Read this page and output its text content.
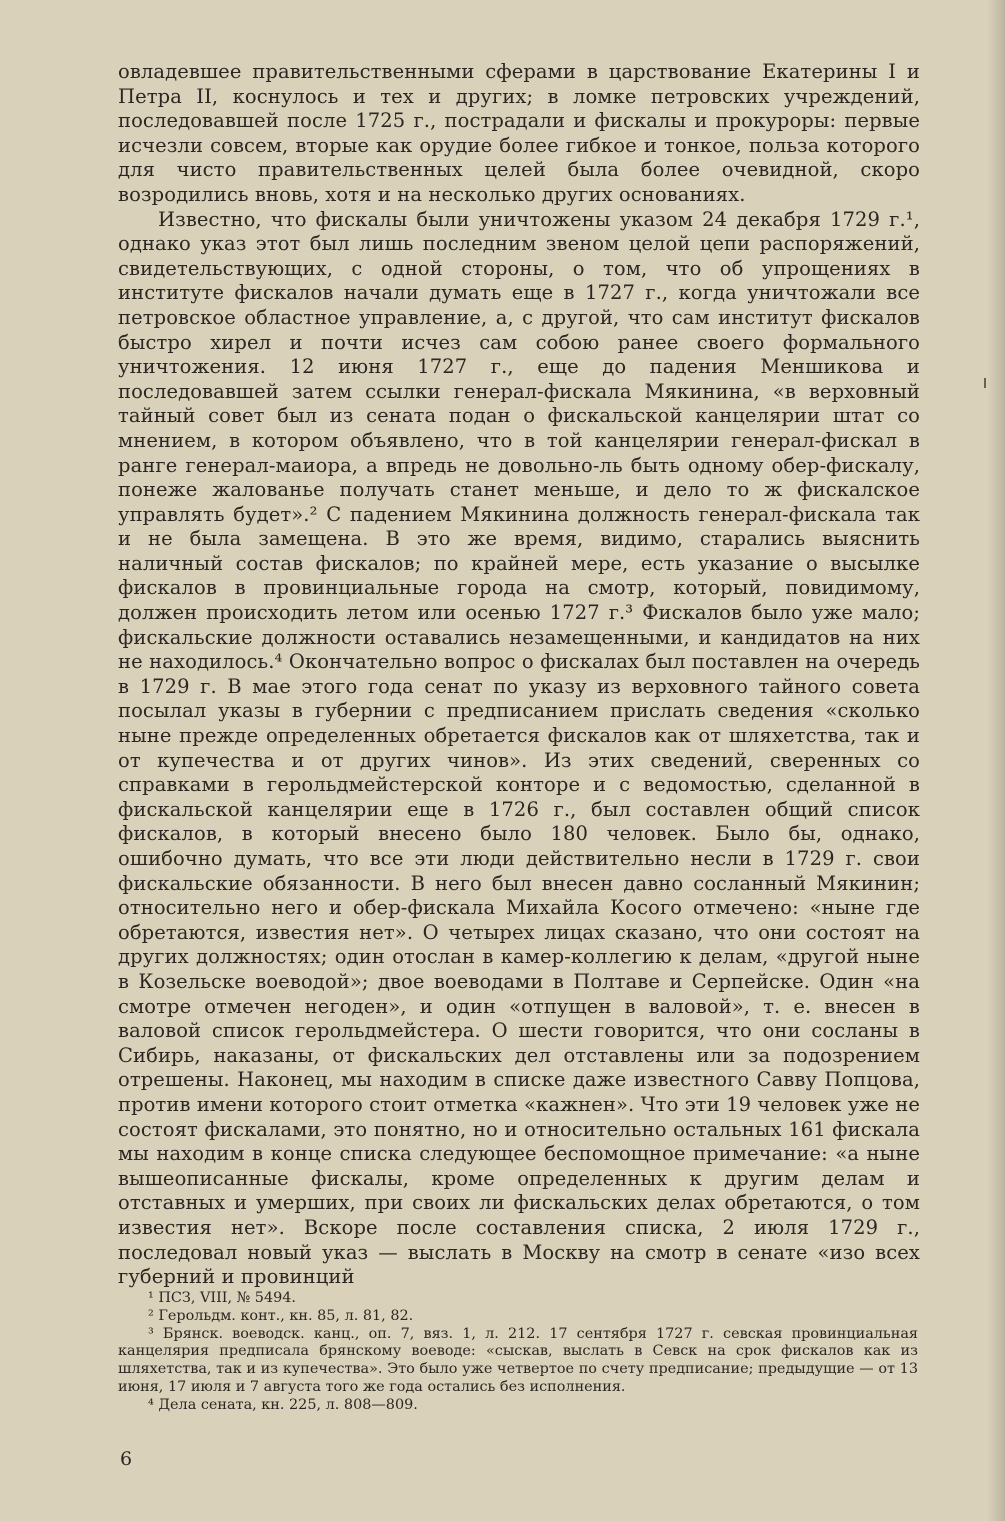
овладевшее правительственными сферами в царствование Екатерины I и Петра II, коснулось и тех и других; в ломке петровских учреждений, последовавшей после 1725 г., пострадали и фискалы и прокуроры: первые исчезли совсем, вторые как орудие более гибкое и тонкое, польза которого для чисто правительственных целей была более очевидной, скоро возродились вновь, хотя и на несколько других основаниях.

Известно, что фискалы были уничтожены указом 24 декабря 1729 г.¹, однако указ этот был лишь последним звеном целой цепи распоряжений, свидетельствующих, с одной стороны, о том, что об упрощениях в институте фискалов начали думать еще в 1727 г., когда уничтожали все петровское областное управление, а, с другой, что сам институт фискалов быстро хирел и почти исчез сам собою ранее своего формального уничтожения. 12 июня 1727 г., еще до падения Меншикова и последовавшей затем ссылки генерал-фискала Мякинина, «в верховный тайный совет был из сената подан о фискальской канцелярии штат со мнением, в котором объявлено, что в той канцелярии генерал-фискал в ранге генерал-маиора, а впредь не довольно-ль быть одному обер-фискалу, понеже жалованье получать станет меньше, и дело то ж фискалское управлять будет».² С падением Мякинина должность генерал-фискала так и не была замещена. В это же время, видимо, старались выяснить наличный состав фискалов; по крайней мере, есть указание о высылке фискалов в провинциальные города на смотр, который, повидимому, должен происходить летом или осенью 1727 г.³ Фискалов было уже мало; фискальские должности оставались незамещенными, и кандидатов на них не находилось.⁴ Окончательно вопрос о фискалах был поставлен на очередь в 1729 г. В мае этого года сенат по указу из верховного тайного совета посылал указы в губернии с предписанием прислать сведения «сколько ныне прежде определенных обретается фискалов как от шляхетства, так и от купечества и от других чинов». Из этих сведений, сверенных со справками в герольдмейстерской конторе и с ведомостью, сделанной в фискальской канцелярии еще в 1726 г., был составлен общий список фискалов, в который внесено было 180 человек. Было бы, однако, ошибочно думать, что все эти люди действительно несли в 1729 г. свои фискальские обязанности. В него был внесен давно сосланный Мякинин; относительно него и обер-фискала Михайла Косого отмечено: «ныне где обретаются, известия нет». О четырех лицах сказано, что они состоят на других должностях; один отослан в камер-коллегию к делам, «другой ныне в Козельске воеводой»; двое воеводами в Полтаве и Серпейске. Один «на смотре отмечен негоден», и один «отпущен в валовой», т. е. внесен в валовой список герольдмейстера. О шести говорится, что они сосланы в Сибирь, наказаны, от фискальских дел отставлены или за подозрением отрешены. Наконец, мы находим в списке даже известного Савву Попцова, против имени которого стоит отметка «кажнен». Что эти 19 человек уже не состоят фискалами, это понятно, но и относительно остальных 161 фискала мы находим в конце списка следующее беспомощное примечание: «а ныне вышеописанные фискалы, кроме определенных к другим делам и отставных и умерших, при своих ли фискальских делах обретаются, о том известия нет». Вскоре после составления списка, 2 июля 1729 г., последовал новый указ — выслать в Москву на смотр в сенате «изо всех губерний и провинций

¹ ПСЗ, VIII, № 5494.

² Герольдм. конт., кн. 85, л. 81, 82.

³ Брянск. воеводск. канц., оп. 7, вяз. 1, л. 212. 17 сентября 1727 г. севская провинциальная канцелярия предписала брянскому воеводе: «сыскав, выслать в Севск на срок фискалов как из шляхетства, так и из купечества». Это было уже четвертое по счету предписание; предыдущие — от 13 июня, 17 июля и 7 августа того же года остались без исполнения.

⁴ Дела сената, кн. 225, л. 808—809.

6
